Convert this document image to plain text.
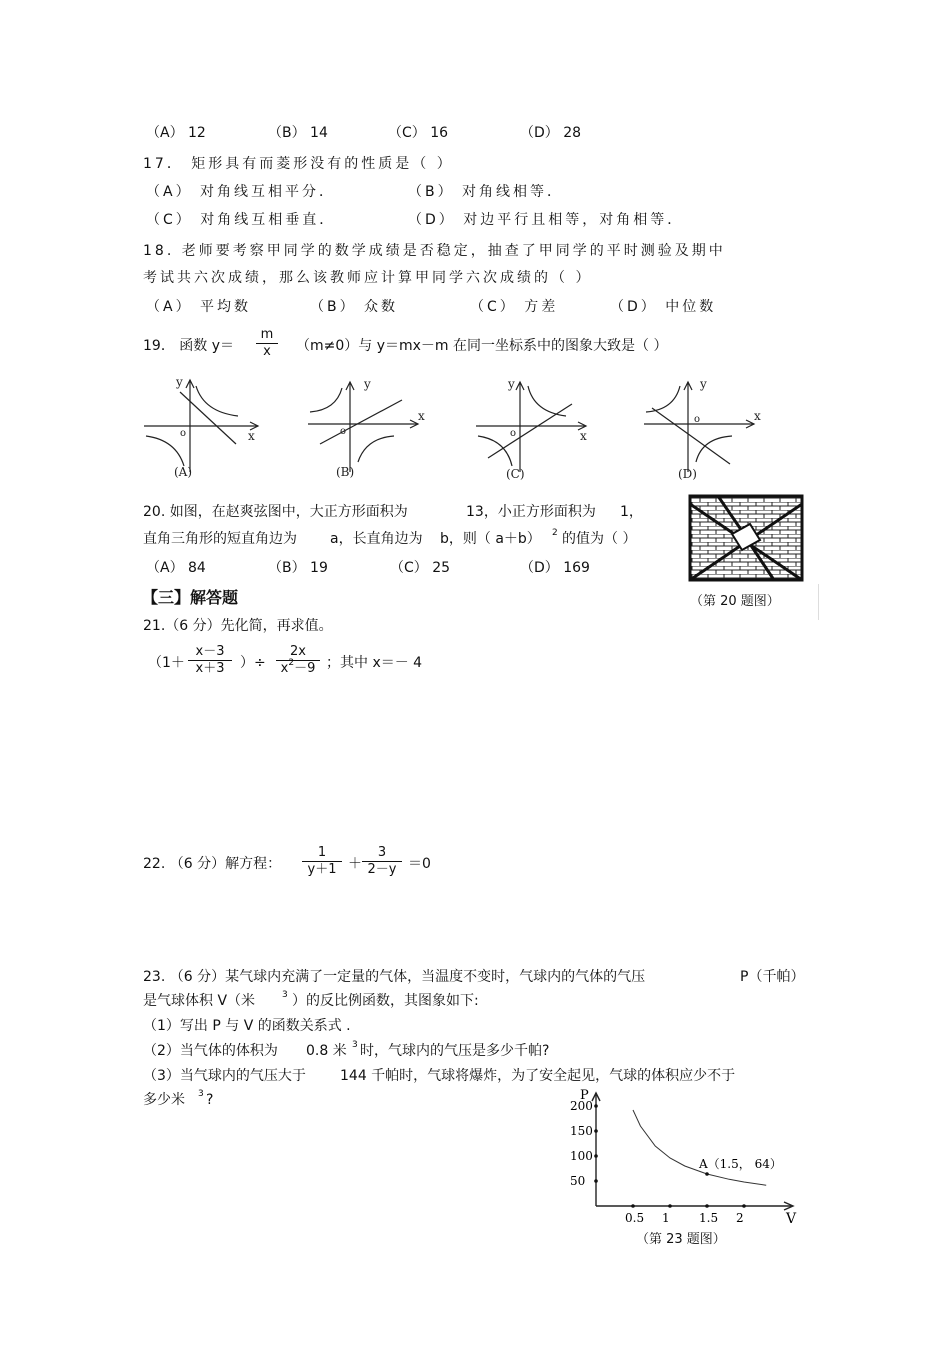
（A） 12	（B） 14	（C） 16	（D） 28
17． 矩形具有而菱形没有的性质是（ ）
（A） 对角线互相平分．	（B） 对角线相等．
（C） 对角线互相垂直．	（D） 对边平行且相等，对角相等．
18. 老师要考察甲同学的数学成绩是否稳定，抽查了甲同学的平时测验及期中
考试共六次成绩，那么该教师应计算甲同学六次成绩的（ ）
（A） 平均数	（B） 众数	（C） 方差	（D） 中位数
19． 函数 $y= \frac{m}{x} (m\ne 0)$与 y＝mx－m 在同一坐标系中的图象大致是（ ）
y
x
o
(A)
y
x
o
(B)
y
x
o
(C)
y
x
o
(D)
20. 如图，在赵爽弦图中，大正方形面积为	13，小正方形面积为 1，
直角三角形的短直角边为 a，长直角边为 b，则（ a＋b） 2 的值为（ ）
（A） 84	（B） 19	（C） 25	（D） 169
（第 20 题图）
【三】解答题
21.（6 分）先化简，再求值。
（$1+ \frac{x-3}{x+3}$ ）÷ $\frac{2x}{x^2-9}$ ；其中 x＝－ 4
22. （6 分）解方程： $\frac{1}{y+1} + \frac{3}{2-y} =0$
23. （6 分）某气球内充满了一定量的气体，当温度不变时，气球内的气体的气压	P（千帕）
是气球体积 V（米	3 ）的反比例函数，其图象如下:
（1）写出 P 与 V 的函数关系式 .
（2）当气体的体积为 0.8 米 3 时，气球内的气压是多少千帕?
（3）当气球内的气压大于 144 千帕时，气球将爆炸，为了安全起见，气球的体积应少不于
多少米 3 ?	P
V
0.5 1 1.5 2
50
100
150
200
A（1.5， 64）
（第 23 题图）
